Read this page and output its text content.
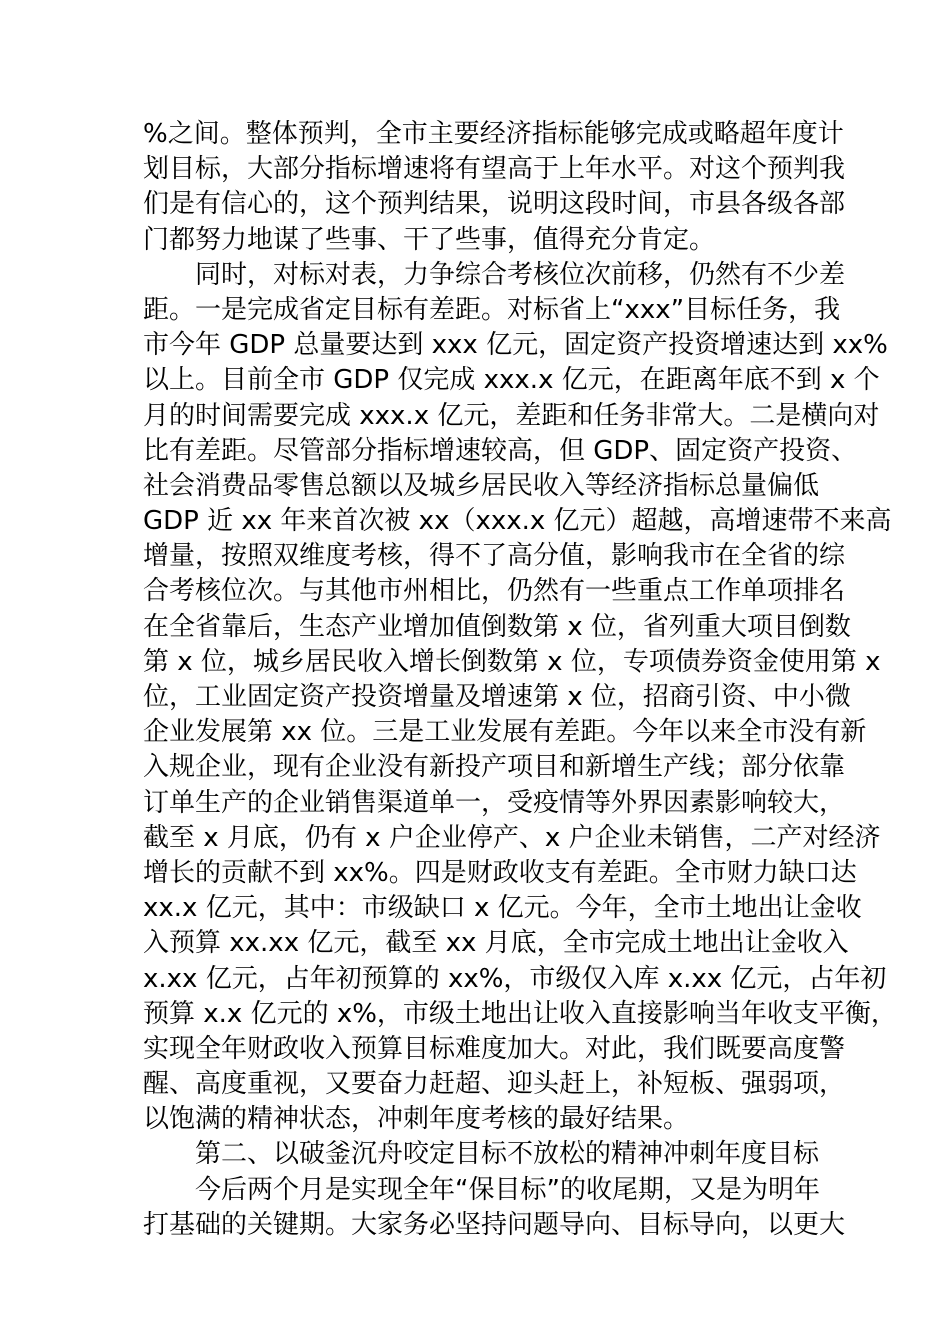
%之间。整体预判，全市主要经济指标能够完成或略超年度计
划目标，大部分指标增速将有望高于上年水平。对这个预判我
们是有信心的，这个预判结果，说明这段时间，市县各级各部
门都努力地谋了些事、干了些事，值得充分肯定。
　　同时，对标对表，力争综合考核位次前移，仍然有不少差
距。一是完成省定目标有差距。对标省上“xxx”目标任务，我
市今年 GDP 总量要达到 xxx 亿元，固定资产投资增速达到 xx%
以上。目前全市 GDP 仅完成 xxx.x 亿元，在距离年底不到 x 个
月的时间需要完成 xxx.x 亿元，差距和任务非常大。二是横向对
比有差距。尽管部分指标增速较高，但 GDP、固定资产投资、
社会消费品零售总额以及城乡居民收入等经济指标总量偏低
GDP 近 xx 年来首次被 xx（xxx.x 亿元）超越，高增速带不来高
增量，按照双维度考核，得不了高分值，影响我市在全省的综
合考核位次。与其他市州相比，仍然有一些重点工作单项排名
在全省靠后，生态产业增加值倒数第 x 位，省列重大项目倒数
第 x 位，城乡居民收入增长倒数第 x 位，专项债券资金使用第 x
位，工业固定资产投资增量及增速第 x 位，招商引资、中小微
企业发展第 xx 位。三是工业发展有差距。今年以来全市没有新
入规企业，现有企业没有新投产项目和新增生产线；部分依靠
订单生产的企业销售渠道单一，受疫情等外界因素影响较大，
截至 x 月底，仍有 x 户企业停产、x 户企业未销售，二产对经济
增长的贡献不到 xx%。四是财政收支有差距。全市财力缺口达
xx.x 亿元，其中：市级缺口 x 亿元。今年，全市土地出让金收
入预算 xx.xx 亿元，截至 xx 月底，全市完成土地出让金收入
x.xx 亿元，占年初预算的 xx%，市级仅入库 x.xx 亿元，占年初
预算 x.x 亿元的 x%，市级土地出让收入直接影响当年收支平衡，
实现全年财政收入预算目标难度加大。对此，我们既要高度警
醒、高度重视，又要奋力赶超、迎头赶上，补短板、强弱项，
以饱满的精神状态，冲刺年度考核的最好结果。
　　第二、以破釜沉舟咬定目标不放松的精神冲刺年度目标
　　今后两个月是实现全年“保目标”的收尾期，又是为明年
打基础的关键期。大家务必坚持问题导向、目标导向，以更大
